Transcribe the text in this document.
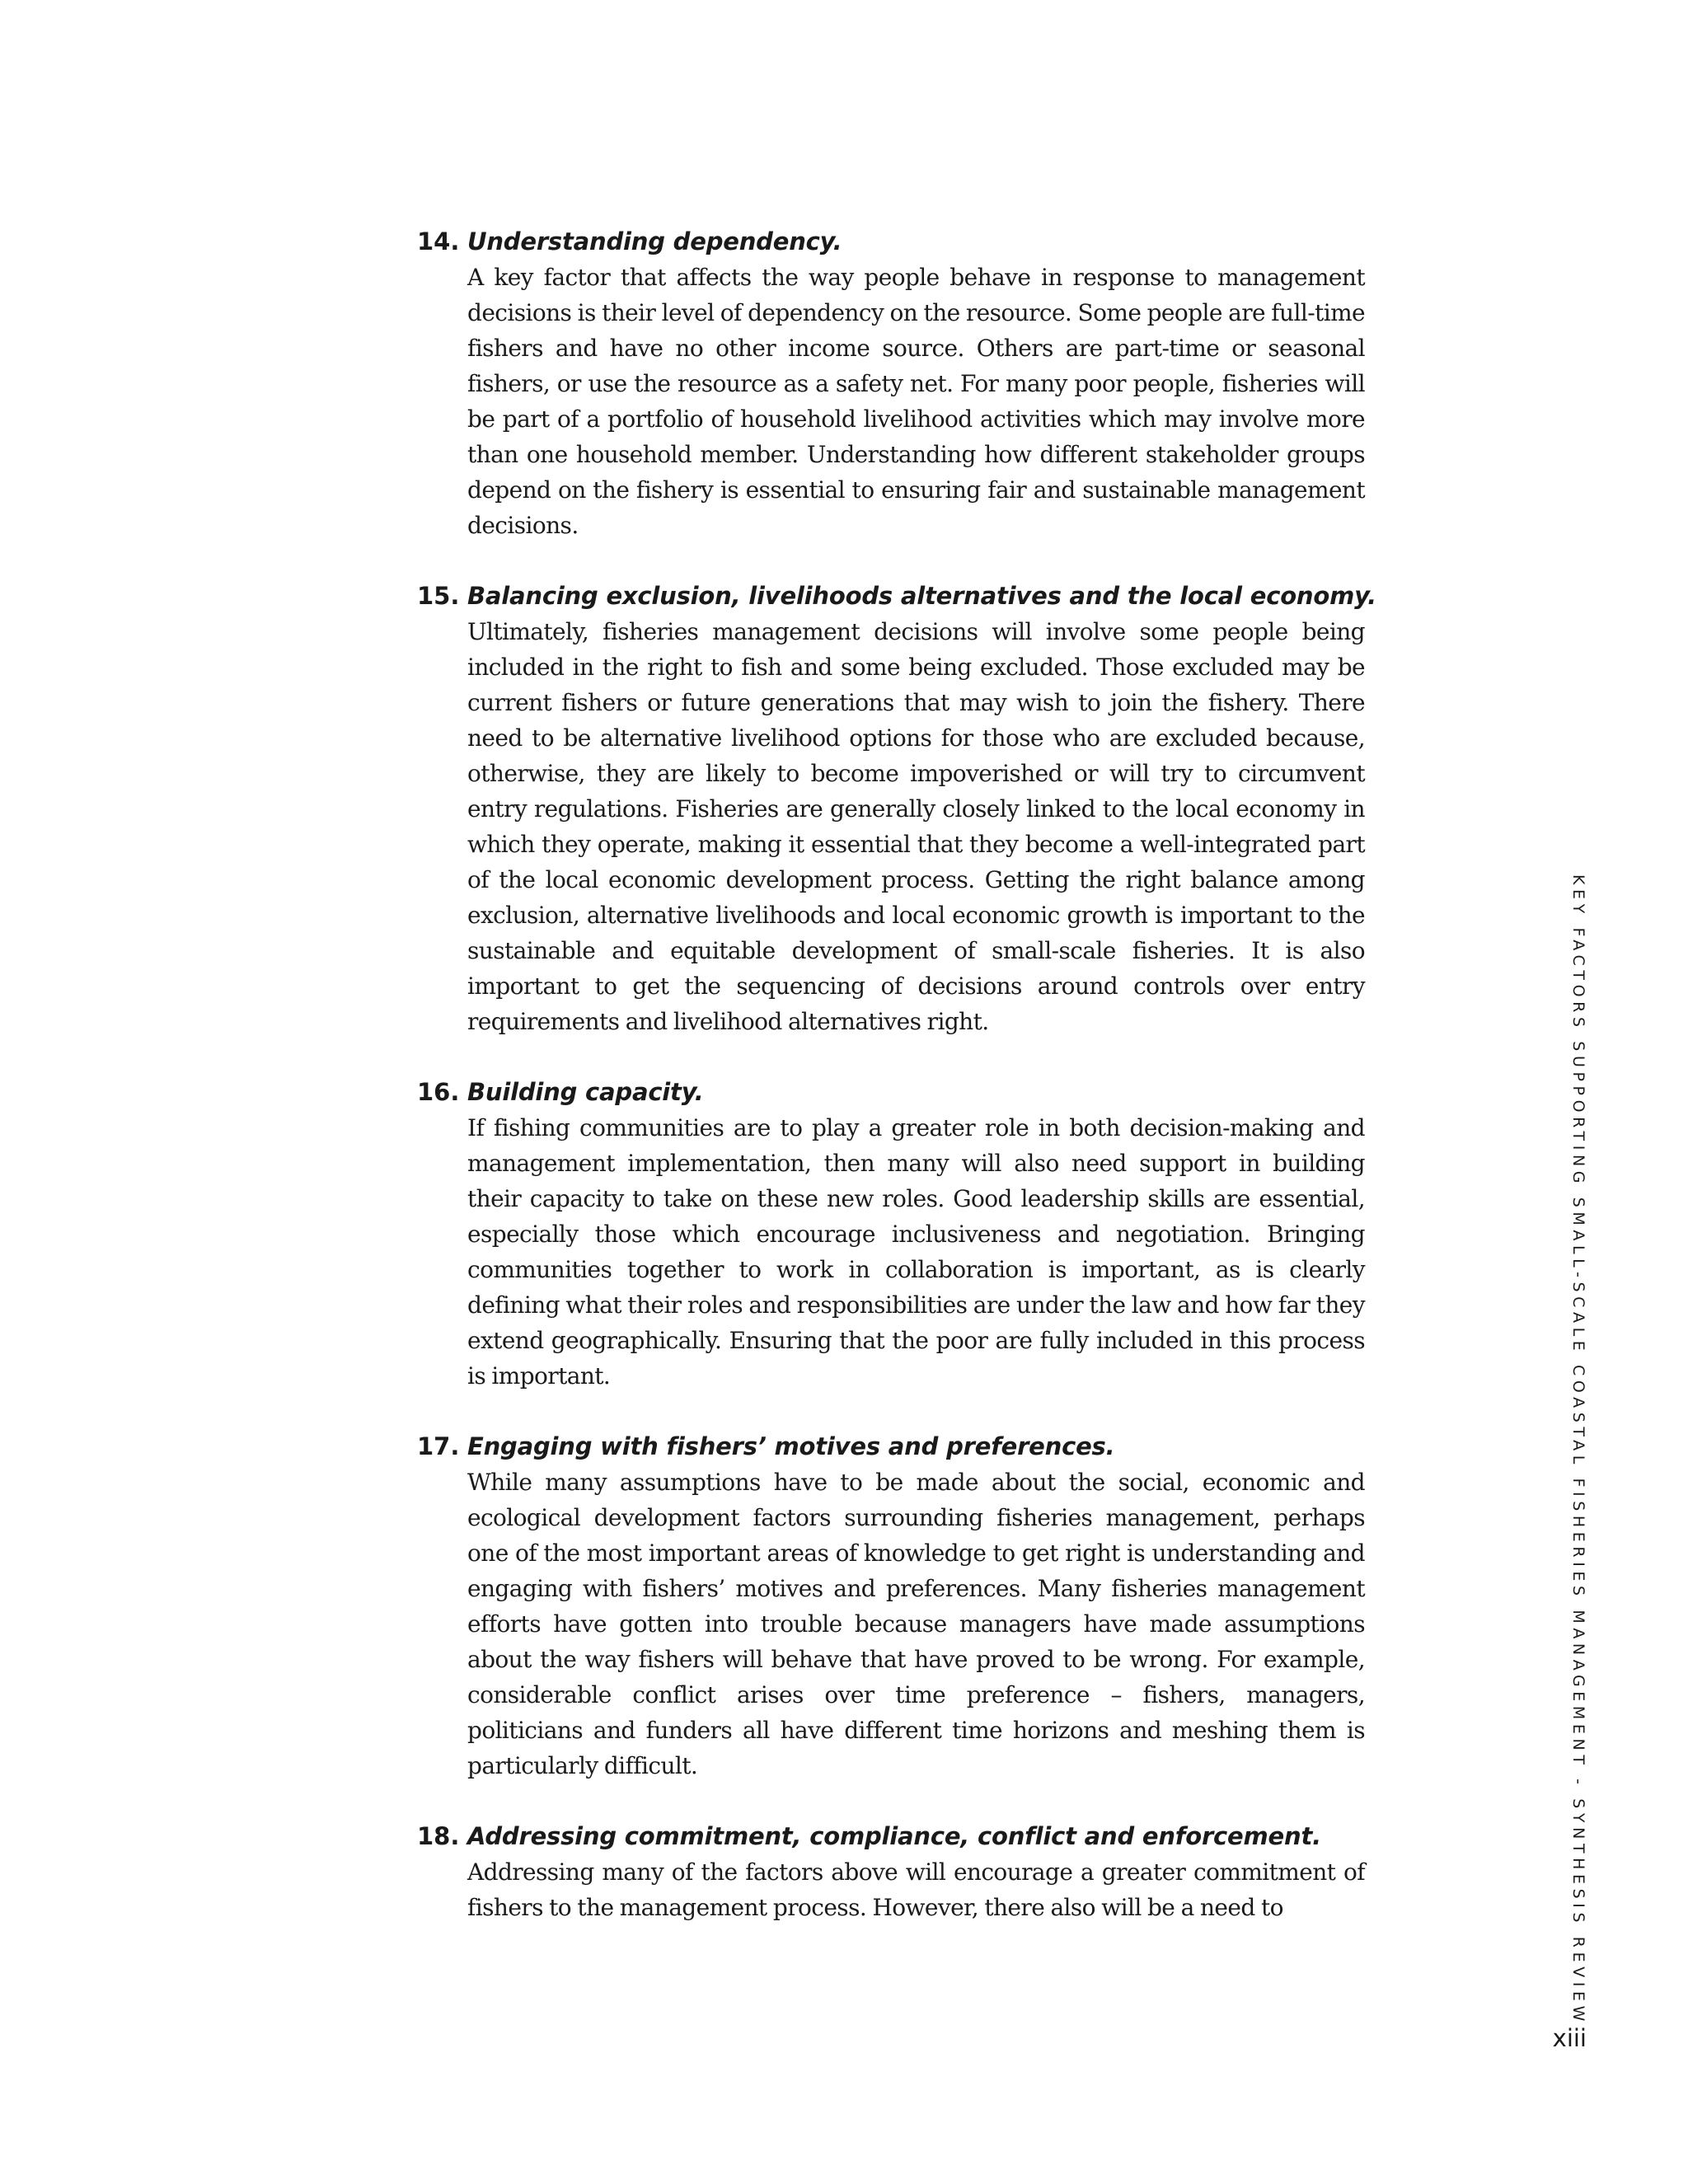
14. Understanding dependency.
A key factor that affects the way people behave in response to management decisions is their level of dependency on the resource. Some people are full-time fishers and have no other income source. Others are part-time or seasonal fishers, or use the resource as a safety net. For many poor people, fisheries will be part of a portfolio of household livelihood activities which may involve more than one household member. Understanding how different stakeholder groups depend on the fishery is essential to ensuring fair and sustainable management decisions.
15. Balancing exclusion, livelihoods alternatives and the local economy.
Ultimately, fisheries management decisions will involve some people being included in the right to fish and some being excluded. Those excluded may be current fishers or future generations that may wish to join the fishery. There need to be alternative livelihood options for those who are excluded because, otherwise, they are likely to become impoverished or will try to circumvent entry regulations. Fisheries are generally closely linked to the local economy in which they operate, making it essential that they become a well-integrated part of the local economic development process. Getting the right balance among exclusion, alternative livelihoods and local economic growth is important to the sustainable and equitable development of small-scale fisheries. It is also important to get the sequencing of decisions around controls over entry requirements and livelihood alternatives right.
16. Building capacity.
If fishing communities are to play a greater role in both decision-making and management implementation, then many will also need support in building their capacity to take on these new roles. Good leadership skills are essential, especially those which encourage inclusiveness and negotiation. Bringing communities together to work in collaboration is important, as is clearly defining what their roles and responsibilities are under the law and how far they extend geographically. Ensuring that the poor are fully included in this process is important.
17. Engaging with fishers’ motives and preferences.
While many assumptions have to be made about the social, economic and ecological development factors surrounding fisheries management, perhaps one of the most important areas of knowledge to get right is understanding and engaging with fishers’ motives and preferences. Many fisheries management efforts have gotten into trouble because managers have made assumptions about the way fishers will behave that have proved to be wrong. For example, considerable conflict arises over time preference – fishers, managers, politicians and funders all have different time horizons and meshing them is particularly difficult.
18. Addressing commitment, compliance, conflict and enforcement.
Addressing many of the factors above will encourage a greater commitment of fishers to the management process. However, there also will be a need to	KEY FACTORS SUPPORTING SMALL-SCALE COASTAL FISHERIES MANAGEMENT - SYNTHESIS REVIEW
xiii
